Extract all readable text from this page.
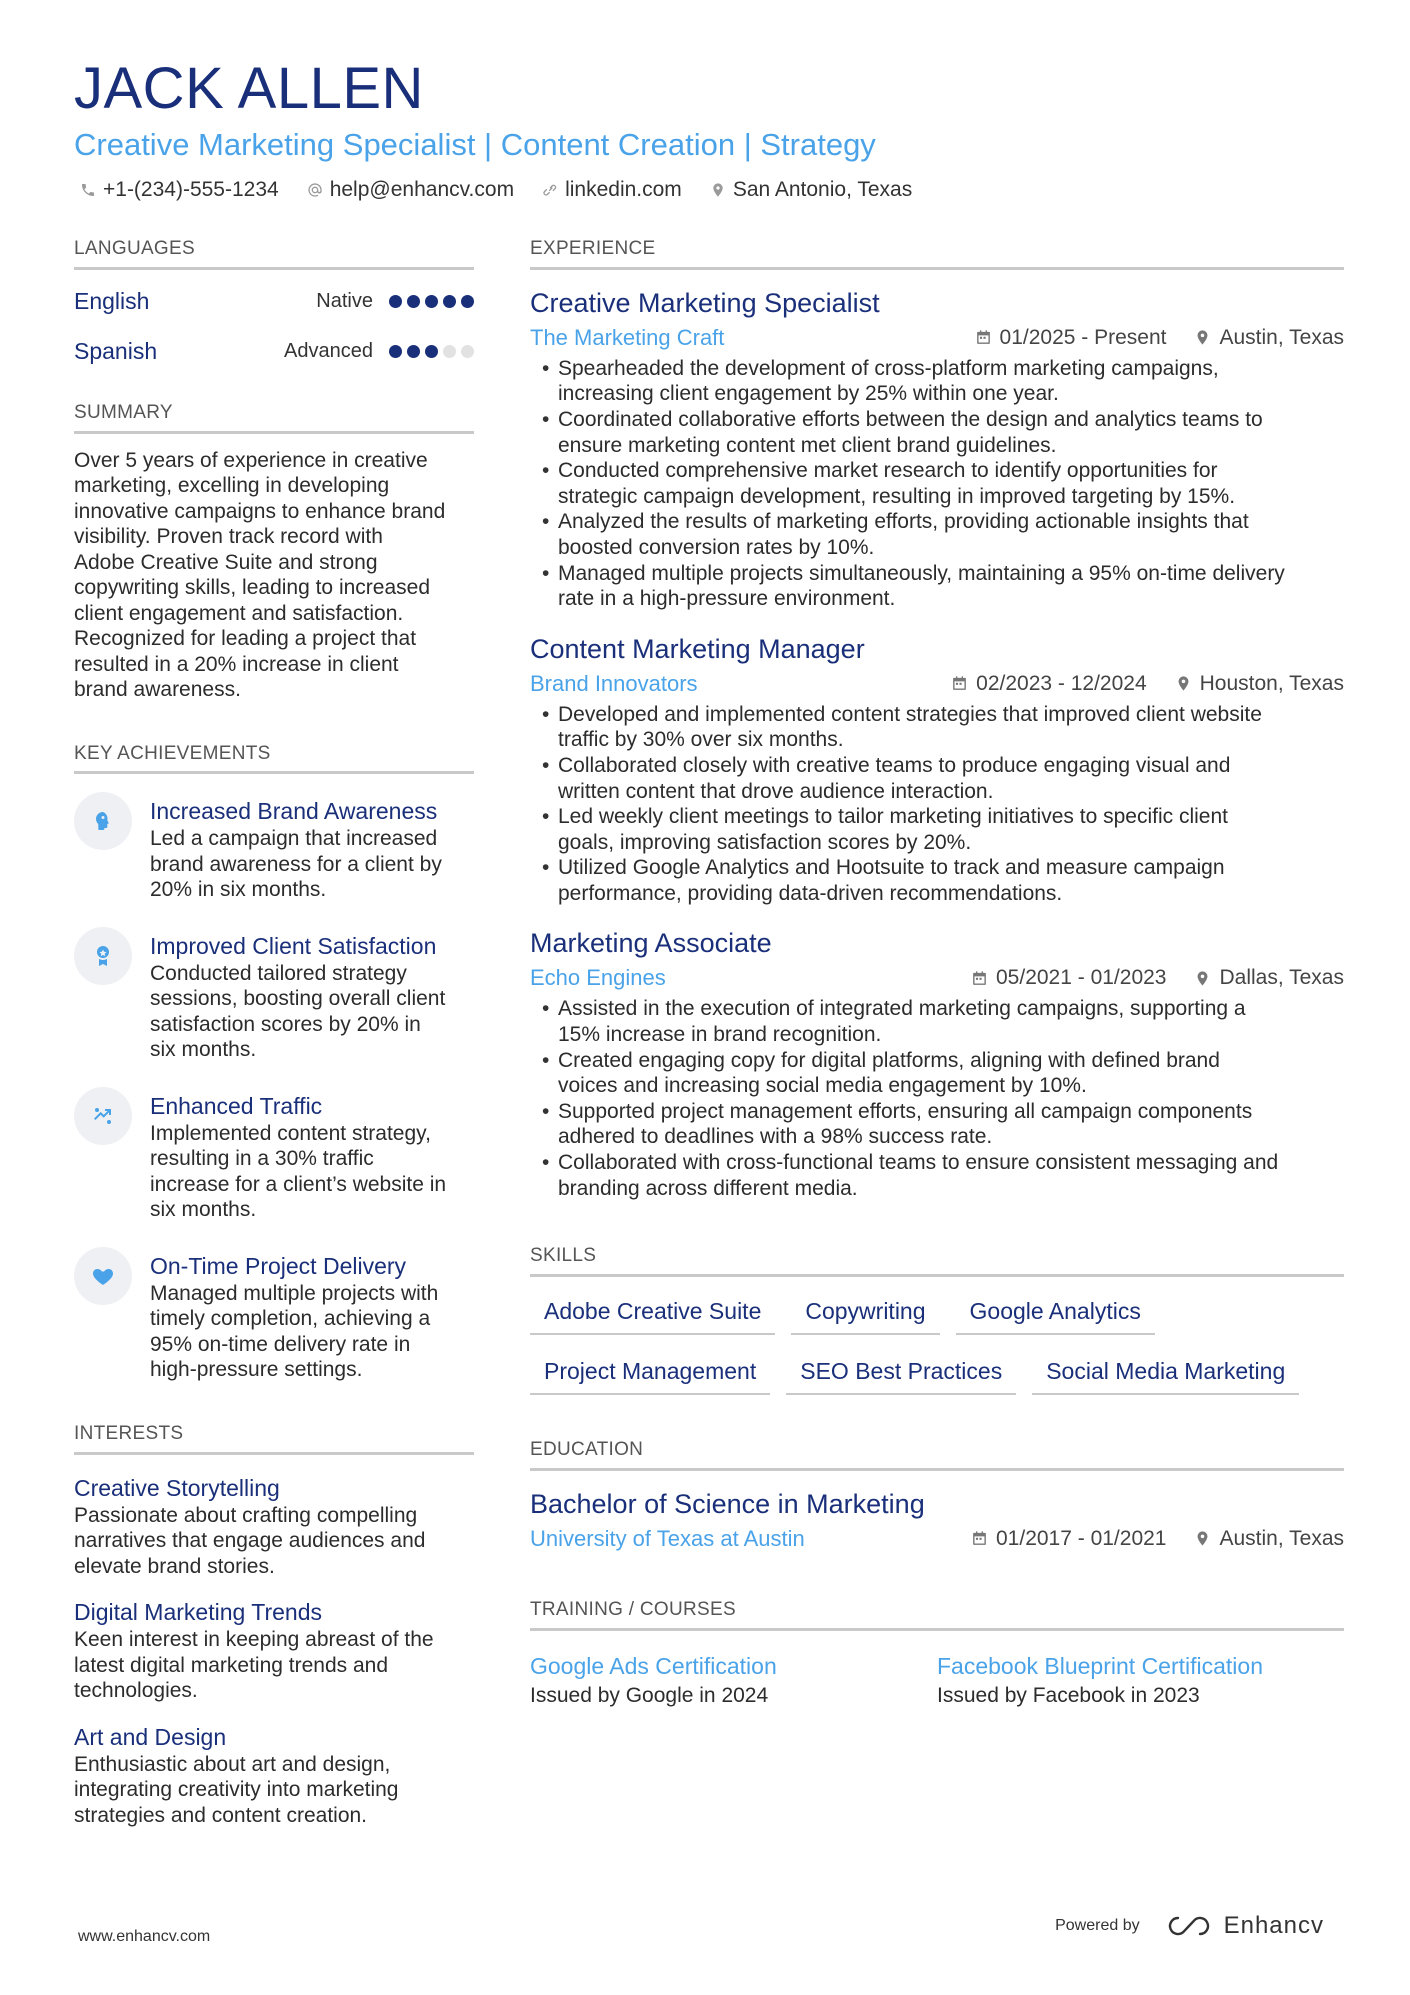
JACK ALLEN
Creative Marketing Specialist | Content Creation | Strategy
+1-(234)-555-1234 help@enhancv.com linkedin.com San Antonio, Texas
LANGUAGES
English	Native
Spanish	Advanced
SUMMARY
Over 5 years of experience in creative
marketing, excelling in developing
innovative campaigns to enhance brand
visibility. Proven track record with
Adobe Creative Suite and strong
copywriting skills, leading to increased
client engagement and satisfaction.
Recognized for leading a project that
resulted in a 20% increase in client
brand awareness.
KEY ACHIEVEMENTS
Increased Brand Awareness
Led a campaign that increased
brand awareness for a client by
20% in six months.
Improved Client Satisfaction
Conducted tailored strategy
sessions, boosting overall client
satisfaction scores by 20% in
six months.
Enhanced Traffic
Implemented content strategy,
resulting in a 30% traffic
increase for a client’s website in
six months.
On-Time Project Delivery
Managed multiple projects with
timely completion, achieving a
95% on-time delivery rate in
high-pressure settings.
INTERESTS
Creative Storytelling
Passionate about crafting compelling
narratives that engage audiences and
elevate brand stories.
Digital Marketing Trends
Keen interest in keeping abreast of the
latest digital marketing trends and
technologies.
Art and Design
Enthusiastic about art and design,
integrating creativity into marketing
strategies and content creation.
EXPERIENCE
Creative Marketing Specialist
The Marketing Craft	01/2025 - Present	Austin, Texas
• Spearheaded the development of cross-platform marketing campaigns,
increasing client engagement by 25% within one year.
• Coordinated collaborative efforts between the design and analytics teams to
ensure marketing content met client brand guidelines.
• Conducted comprehensive market research to identify opportunities for
strategic campaign development, resulting in improved targeting by 15%.
• Analyzed the results of marketing efforts, providing actionable insights that
boosted conversion rates by 10%.
• Managed multiple projects simultaneously, maintaining a 95% on-time delivery
rate in a high-pressure environment.
Content Marketing Manager
Brand Innovators	02/2023 - 12/2024	Houston, Texas
• Developed and implemented content strategies that improved client website
traffic by 30% over six months.
• Collaborated closely with creative teams to produce engaging visual and
written content that drove audience interaction.
• Led weekly client meetings to tailor marketing initiatives to specific client
goals, improving satisfaction scores by 20%.
• Utilized Google Analytics and Hootsuite to track and measure campaign
performance, providing data-driven recommendations.
Marketing Associate
Echo Engines	05/2021 - 01/2023	Dallas, Texas
• Assisted in the execution of integrated marketing campaigns, supporting a
15% increase in brand recognition.
• Created engaging copy for digital platforms, aligning with defined brand
voices and increasing social media engagement by 10%.
• Supported project management efforts, ensuring all campaign components
adhered to deadlines with a 98% success rate.
• Collaborated with cross-functional teams to ensure consistent messaging and
branding across different media.
SKILLS
Adobe Creative Suite	Copywriting	Google Analytics
Project Management	SEO Best Practices	Social Media Marketing
EDUCATION
Bachelor of Science in Marketing
University of Texas at Austin	01/2017 - 01/2021	Austin, Texas
TRAINING / COURSES
Google Ads Certification
Issued by Google in 2024
Facebook Blueprint Certification
Issued by Facebook in 2023
www.enhancv.com
Powered by	Enhancv
